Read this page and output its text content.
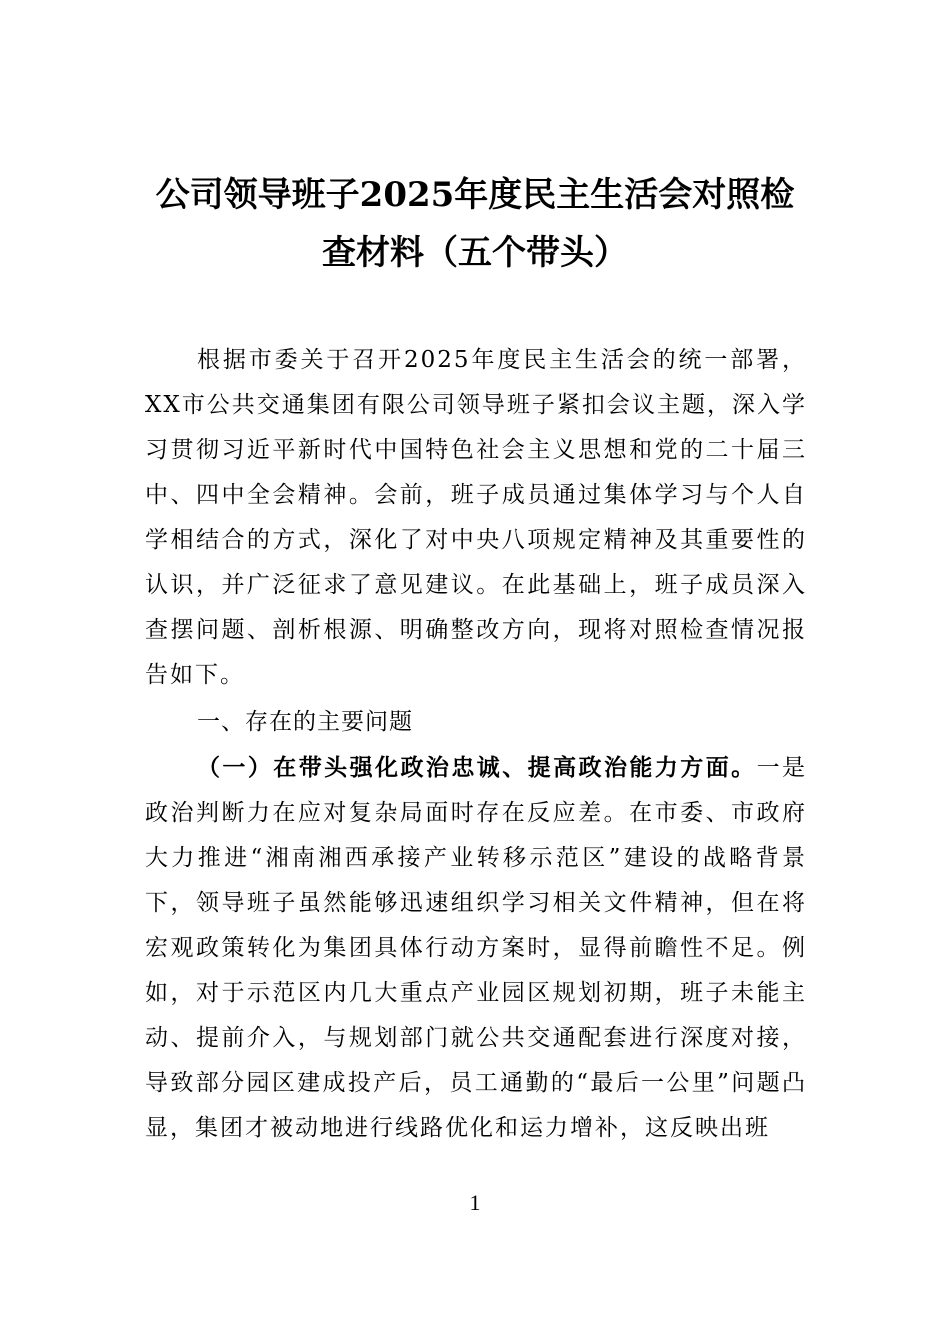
公司领导班子2025年度民主生活会对照检
查材料（五个带头）

根据市委关于召开2025年度民主生活会的统一部署，XX市公共交通集团有限公司领导班子紧扣会议主题，深入学习贯彻习近平新时代中国特色社会主义思想和党的二十届三中、四中全会精神。会前，班子成员通过集体学习与个人自学相结合的方式，深化了对中央八项规定精神及其重要性的认识，并广泛征求了意见建议。在此基础上，班子成员深入查摆问题、剖析根源、明确整改方向，现将对照检查情况报告如下。

一、存在的主要问题

（一）在带头强化政治忠诚、提高政治能力方面。一是政治判断力在应对复杂局面时存在反应差。在市委、市政府大力推进“湘南湘西承接产业转移示范区”建设的战略背景下，领导班子虽然能够迅速组织学习相关文件精神，但在将宏观政策转化为集团具体行动方案时，显得前瞻性不足。例如，对于示范区内几大重点产业园区规划初期，班子未能主动、提前介入，与规划部门就公共交通配套进行深度对接，导致部分园区建成投产后，员工通勤的“最后一公里”问题凸显，集团才被动地进行线路优化和运力增补，这反映出班

1
